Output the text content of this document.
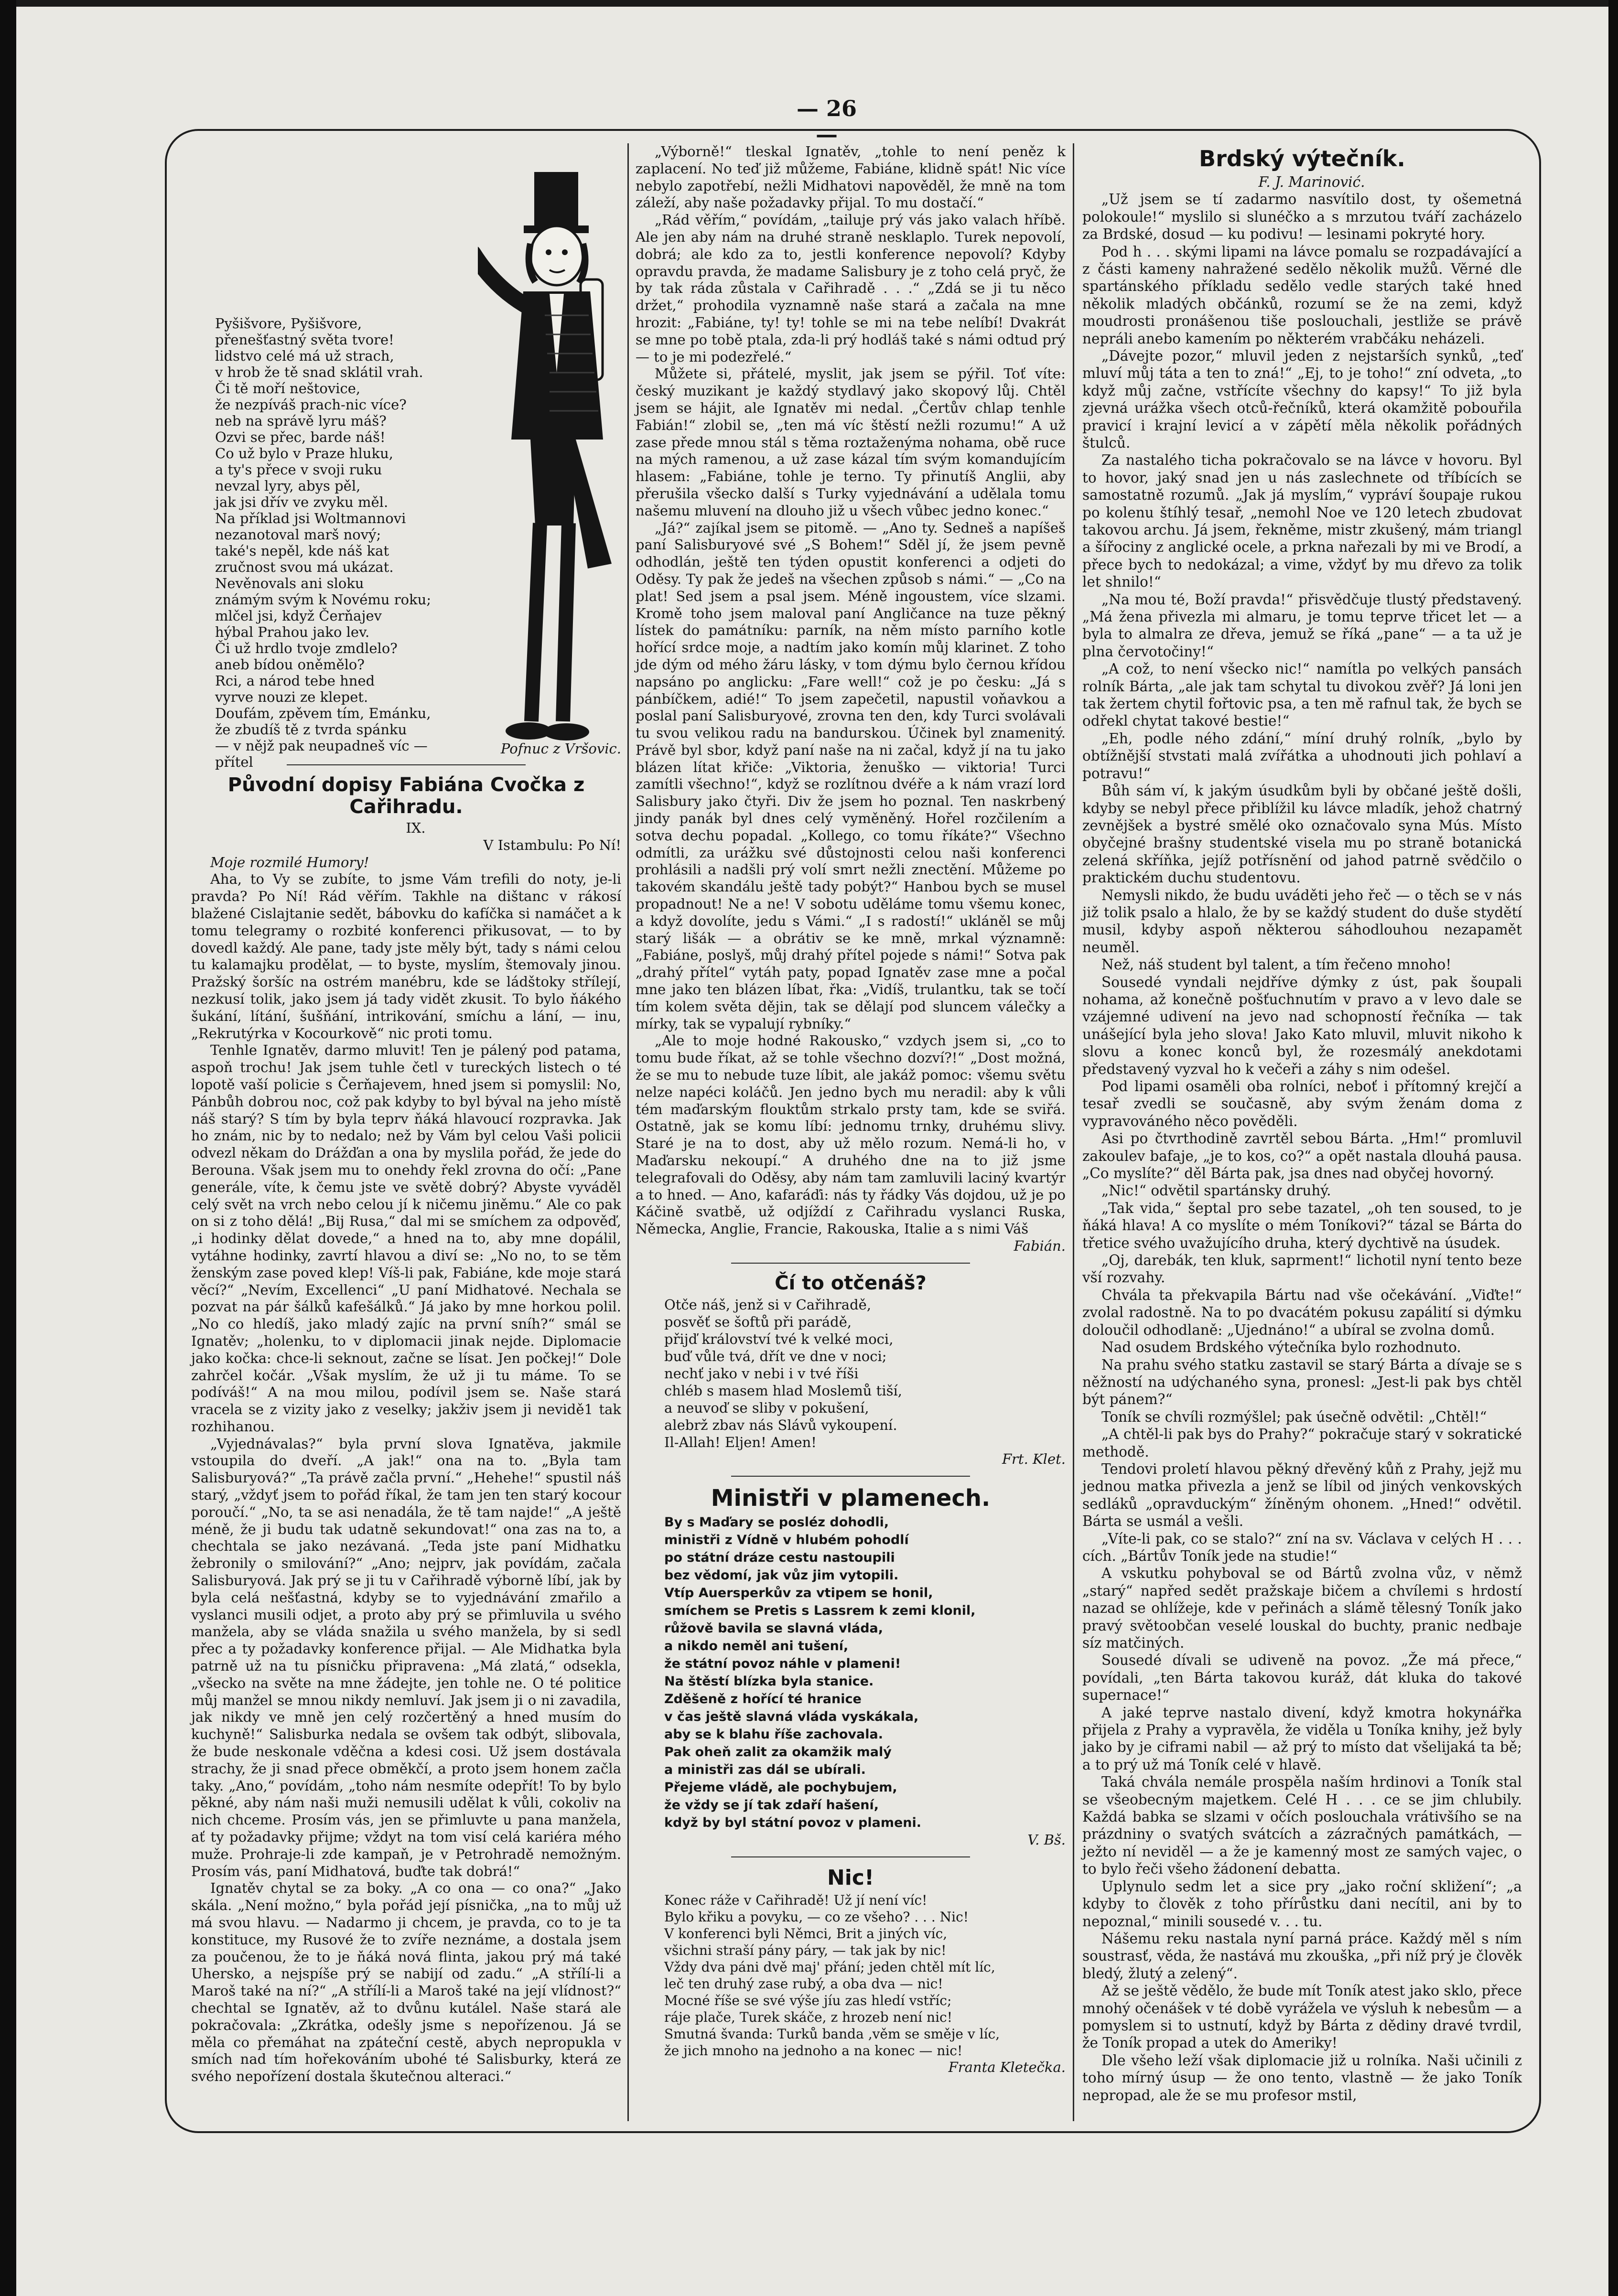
— 26 —
Pyšišvore, Pyšišvore,
přenešťastný světa tvore!
lidstvo celé má už strach,
v hrob že tě snad sklátil vrah.
Či tě moří neštovice,
že nezpíváš prach-nic více?
neb na správě lyru máš?
Ozvi se přec, barde náš!
Co už bylo v Praze hluku,
a ty's přece v svoji ruku
nevzal lyry, abys pěl,
jak jsi dřív ve zvyku měl.
Na příklad jsi Woltmannovi
nezanotoval marš nový;
také's nepěl, kde náš kat
zručnost svou má ukázat.
Nevěnovals ani sloku
známým svým k Novému roku;
mlčel jsi, když Čerňajev
hýbal Prahou jako lev.
Či už hrdlo tvoje zmdlelo?
aneb bídou oněmělo?
Rci, a národ tebe hned
vyrve nouzi ze klepet.
Doufám, zpěvem tím, Emánku,
že zbudíš tě z tvrda spánku
— v nějž pak neupadneš víc —
přítel
Pofnuc z Vršovic.
Původní dopisy Fabiána Cvočka z Cařihradu.

IX.

V Istambulu: Po Ní!

Moje rozmilé Humory!

Aha, to Vy se zubíte, to jsme Vám trefili do noty, je-li pravda? Po Ní! Rád věřím. Takhle na dištanc v rákosí blažené Cislajtanie sedět, bábovku do kafíčka si namáčet a k tomu telegramy o rozbité konferenci přikusovat, — to by dovedl každý. Ale pane, tady jste měly být, tady s námi celou tu kalamajku prodělat, — to byste, myslím, štemovaly jinou. Pražský šoršíc na ostrém manébru, kde se ládštoky střílejí, nezkusí tolik, jako jsem já tady vidět zkusit. To bylo ňákého šukání, lítání, šušňání, intrikování, smíchu a lání, — inu, „Rekrutýrka v Kocourkově“ nic proti tomu.

Tenhle Ignatěv, darmo mluvit! Ten je pálený pod patama, aspoň trochu! Jak jsem tuhle četl v tureckých listech o té lopotě vaší policie s Čerňajevem, hned jsem si pomyslil: No, Pánbůh dobrou noc, což pak kdyby to byl býval na jeho místě náš starý? S tím by byla teprv ňáká hlavoucí rozpravka. Jak ho znám, nic by to nedalo; než by Vám byl celou Vaši policii odvezl někam do Drážďan a ona by myslila pořád, že jede do Berouna. Však jsem mu to onehdy řekl zrovna do očí: „Pane generále, víte, k čemu jste ve světě dobrý? Abyste vyváděl celý svět na vrch nebo celou jí k ničemu jiněmu.“ Ale co pak on si z toho dělá! „Bij Rusa,“ dal mi se smíchem za odpověď, „i hodinky dělat dovede,“ a hned na to, aby mne dopálil, vytáhne hodinky, zavrtí hlavou a diví se: „No no, to se těm ženským zase poved klep! Víš-li pak, Fabiáne, kde moje stará věcí?“ „Nevím, Excellenci“ „U paní Midhatové. Nechala se pozvat na pár šálků kafešálků.“ Já jako by mne horkou polil. „No co hledíš, jako mladý zajíc na první sníh?“ smál se Ignatěv; „holenku, to v diplomacii jinak nejde. Diplomacie jako kočka: chce-li seknout, začne se lísat. Jen počkej!“ Dole zahrčel kočár. „Však myslím, že už ji tu máme. To se podíváš!“ A na mou milou, podívil jsem se. Naše stará vracela se z vizity jako z veselky; jakživ jsem ji nevidě1 tak rozhihanou.

„Vyjednávalas?“ byla první slova Ignatěva, jakmile vstoupila do dveří. „A jak!“ ona na to. „Byla tam Salisburyová?“ „Ta právě začla první.“ „Hehehe!“ spustil náš starý, „vždyť jsem to pořád říkal, že tam jen ten starý kocour poroučí.“ „No, ta se asi nenadála, že tě tam najde!“ „A ještě méně, že ji budu tak udatně sekundovat!“ ona zas na to, a chechtala se jako nezávaná. „Teda jste paní Midhatku žebronily o smilování?“ „Ano; nejprv, jak povídám, začala Salisburyová. Jak prý se ji tu v Cařihradě výborně líbí, jak by byla celá nešťastná, kdyby se to vyjednávání zmařilo a vyslanci musili odjet, a proto aby prý se přimluvila u svého manžela, aby se vláda snažila u svého manžela, by si sedl přec a ty požadavky konference přijal. — Ale Midhatka byla patrně už na tu písničku připravena: „Má zlatá,“ odsekla, „všecko na světe na mne žádejte, jen tohle ne. O té politice můj manžel se mnou nikdy nemluví. Jak jsem ji o ni zavadila, jak nikdy ve mně jen celý rozčertěný a hned musím do kuchyně!“ Salisburka nedala se ovšem tak odbýt, slibovala, že bude neskonale vděčna a kdesi cosi. Už jsem dostávala strachy, že ji snad přece obměkčí, a proto jsem honem začla taky. „Ano,“ povídám, „toho nám nesmíte odepřít! To by bylo pěkné, aby nám naši muži nemusili udělat k vůli, cokoliv na nich chceme. Prosím vás, jen se přimluvte u pana manžela, ať ty požadavky přijme; vždyt na tom visí celá kariéra mého muže. Prohraje-li zde kampaň, je v Petrohradě nemožným. Prosím vás, paní Midhatová, buďte tak dobrá!“

Ignatěv chytal se za boky. „A co ona — co ona?“ „Jako skála. „Není možno,“ byla pořád její písnička, „na to můj už má svou hlavu. — Nadarmo ji chcem, je pravda, co to je ta konstituce, my Rusové že to zvíře neznáme, a dostala jsem za poučenou, že to je ňáká nová flinta, jakou prý má také Uhersko, a nejspíše prý se nabijí od zadu.“ „A střílí-li a Maroš také na ní?“ „A střílí-li a Maroš také na její vlídnost?“ chechtal se Ignatěv, až to dvůnu kutálel. Naše stará ale pokračovala: „Zkrátka, odešly jsme s nepořízenou. Já se měla co přemáhat na zpáteční cestě, abych nepropukla v smích nad tím hořekováním ubohé té Salisburky, která ze svého nepořízení dostala škutečnou alteraci.“

„Výborně!“ tleskal Ignatěv, „tohle to není peněz k zaplacení. No teď již můžeme, Fabiáne, klidně spát! Nic více nebylo zapotřebí, nežli Midhatovi napověděl, že mně na tom záleží, aby naše požadavky přijal. To mu dostačí.“

„Rád věřím,“ povídám, „tailuje prý vás jako valach hříbě. Ale jen aby nám na druhé straně nesklaplo. Turek nepovolí, dobrá; ale kdo za to, jestli konference nepovolí? Kdyby opravdu pravda, že madame Salisbury je z toho celá pryč, že by tak ráda zůstala v Cařihradě . . .“ „Zdá se ji tu něco držet,“ prohodila vyznamně naše stará a začala na mne hrozit: „Fabiáne, ty! ty! tohle se mi na tebe nelíbí! Dvakrát se mne po tobě ptala, zda-li prý hodláš také s námi odtud prý — to je mi podezřelé.“

Můžete si, přátelé, myslit, jak jsem se pýřil. Toť víte: český muzikant je každý stydlavý jako skopový lůj. Chtěl jsem se hájit, ale Ignatěv mi nedal. „Čertův chlap tenhle Fabián!“ zlobil se, „ten má víc štěstí nežli rozumu!“ A už zase přede mnou stál s těma roztaženýma nohama, obě ruce na mých ramenou, a už zase kázal tím svým komandujícím hlasem: „Fabiáne, tohle je terno. Ty přinutíš Anglii, aby přerušila všecko další s Turky vyjednávání a udělala tomu našemu mluvení na dlouho již u všech vůbec jedno konec.“

„Já?“ zajíkal jsem se pitomě. — „Ano ty. Sedneš a napíšeš paní Salisburyové své „S Bohem!“ Sděl jí, že jsem pevně odhodlán, ještě ten týden opustit konferenci a odjeti do Oděsy. Ty pak že jedeš na všechen způsob s námi.“ — „Co na plat! Sed jsem a psal jsem. Méně ingoustem, více slzami. Kromě toho jsem maloval paní Angličance na tuze pěkný lístek do památníku: parník, na něm místo parního kotle hořící srdce moje, a nadtím jako komín můj klarinet. Z toho jde dým od mého žáru lásky, v tom dýmu bylo černou křídou napsáno po anglicku: „Fare well!“ což je po česku: „Já s pánbíčkem, adié!“ To jsem zapečetil, napustil voňavkou a poslal paní Salisburyové, zrovna ten den, kdy Turci svolávali tu svou velikou radu na bandurskou. Účinek byl znamenitý. Právě byl sbor, když paní naše na ni začal, když jí na tu jako blázen lítat křiče: „Viktoria, ženuško — viktoria! Turci zamítli všechno!“, když se rozlítnou dvéře a k nám vrazí lord Salisbury jako čtyři. Div že jsem ho poznal. Ten naskrbený jindy panák byl dnes celý vyměněný. Hořel rozčilením a sotva dechu popadal. „Kollego, co tomu říkáte?“ Všechno odmítli, za urážku své důstojnosti celou naši konferenci prohlásili a nadšli prý volí smrt nežli znectění. Můžeme po takovém skandálu ještě tady pobýt?“ Hanbou bych se musel propadnout! Ne a ne! V sobotu uděláme tomu všemu konec, a když dovolíte, jedu s Vámi.“ „I s radostí!“ ukláněl se můj starý lišák — a obrátiv se ke mně, mrkal významně: „Fabiáne, poslyš, můj drahý přítel pojede s námi!“ Sotva pak „drahý přítel“ vytáh paty, popad Ignatěv zase mne a počal mne jako ten blázen líbat, řka: „Vidíš, trulantku, tak se točí tím kolem světa dějin, tak se dělají pod sluncem válečky a mírky, tak se vypalují rybníky.“

„Ale to moje hodné Rakousko,“ vzdych jsem si, „co to tomu bude říkat, až se tohle všechno dozví?!“ „Dost možná, že se mu to nebude tuze líbit, ale jakáž pomoc: všemu světu nelze napéci koláčů. Jen jedno bych mu neradil: aby k vůli tém maďarským flouktům strkalo prsty tam, kde se sviřá. Ostatně, jak se komu líbí: jednomu trnky, druhému slivy. Staré je na to dost, aby už mělo rozum. Nemá-li ho, v Maďarsku nekoupí.“ A druhého dne na to již jsme telegrafovali do Oděsy, aby nám tam zamluvili laciný kvartýr a to hned. — Ano, kafaráďi: nás ty řádky Vás dojdou, už je po Káčině svatbě, už odjíždí z Cařihradu vyslanci Ruska, Německa, Anglie, Francie, Rakouska, Italie a s nimi Váš

Fabián.

Čí to otčenáš?
Otče náš, jenž si v Cařihradě,
posvěť se šoftů při parádě,
přijď království tvé k velké moci,
buď vůle tvá, dřít ve dne v noci;
nechť jako v nebi i v tvé říši
chléb s masem hlad Moslemů tiší,
a neuvoď se sliby v pokušení,
alebrž zbav nás Slávů vykoupení.
Il-Allah! Eljen! Amen!

Frt. Klet.

Ministři v plamenech.
By s Maďary se posléz dohodli,
ministři z Vídně v hlubém pohodlí
po státní dráze cestu nastoupili
bez vědomí, jak vůz jim vytopili.
Vtíp Auersperkův za vtipem se honil,
smíchem se Pretis s Lassrem k zemi klonil,
růžově bavila se slavná vláda,
a nikdo neměl ani tušení,
že státní povoz náhle v plameni!
Na štěstí blízka byla stanice.
Zděšeně z hořící té hranice
v čas ještě slavná vláda vyskákala,
aby se k blahu říše zachovala.
Pak oheň zalit za okamžik malý
a ministři zas dál se ubírali.
Přejeme vládě, ale pochybujem,
že vždy se jí tak zdaří hašení,
když by byl státní povoz v plameni.

V. Bš.

Nic!
Konec ráže v Cařihradě! Už jí není víc!
Bylo křiku a povyku, — co ze všeho? . . . Nic!
V konferenci byli Němci, Brit a jiných víc,
všichni straší pány páry, — tak jak by nic!
Vždy dva páni dvě maj' přání; jeden chtěl mít líc,
leč ten druhý zase rubý, a oba dva — nic!
Mocné říše se své výše jíu zas hledí vstříc;
ráje plače, Turek skáče, z hrozeb není nic!
Smutná švanda: Turků banda ‚věm se směje v líc,
že jich mnoho na jednoho a na konec — nic!

Franta Kletečka.

Brdský výtečník.

F. J. Marinović.

„Už jsem se tí zadarmo nasvítilo dost, ty ošemetná polokoule!“ myslilo si slunéčko a s mrzutou tváří zacházelo za Brdské, dosud — ku podivu! — lesinami pokryté hory.

Pod h . . . skými lipami na lávce pomalu se rozpadávající a z části kameny nahražené sedělo několik mužů. Věrné dle spartánského příkladu sedělo vedle starých také hned několik mladých občánků, rozumí se že na zemi, když moudrosti pronášenou tiše poslouchali, jestliže se právě nepráli anebo kamením po některém vrabčáku neházeli.

„Dávejte pozor,“ mluvil jeden z nejstarších synků, „teď mluví můj táta a ten to zná!“ „Ej, to je toho!“ zní odveta, „to když můj začne, vstřícíte všechny do kapsy!“ To již byla zjevná urážka všech otců-řečníků, která okamžitě pobouřila pravicí i krajní levicí a v zápětí měla několik pořádných štulců.

Za nastalého ticha pokračovalo se na lávce v hovoru. Byl to hovor, jaký snad jen u nás zaslechnete od tříbících se samostatně rozumů. „Jak já myslím,“ vypráví šoupaje rukou po kolenu štíhlý tesař, „nemohl Noe ve 120 letech zbudovat takovou archu. Já jsem, řekněme, mistr zkušený, mám triangl a šířociny z anglické ocele, a prkna nařezali by mi ve Brodí, a přece bych to nedokázal; a vime, vždyť by mu dřevo za tolik let shnilo!“

„Na mou té, Boží pravda!“ přisvědčuje tlustý představený. „Má žena přivezla mi almaru, je tomu teprve třicet let — a byla to almalra ze dřeva, jemuž se říká „pane“ — a ta už je plna červotočiny!“

„A což, to není všecko nic!“ namítla po velkých pansách rolník Bárta, „ale jak tam schytal tu divokou zvěř? Já loni jen tak žertem chytil fořtovic psa, a ten mě rafnul tak, že bych se odřekl chytat takové bestie!“

„Eh, podle ného zdání,“ míní druhý rolník, „bylo by obtížnější stvstati malá zvířátka a uhodnouti jich pohlaví a potravu!“

Bůh sám ví, k jakým úsudkům byli by občané ještě došli, kdyby se nebyl přece přiblížil ku lávce mladík, jehož chatrný zevnějšek a bystré smělé oko označovalo syna Mús. Místo obyčejné brašny studentské visela mu po straně botanická zelená skříňka, jejíž potřísnění od jahod patrně svědčilo o praktickém duchu studentovu.

Nemysli nikdo, že budu uváděti jeho řeč — o těch se v nás již tolik psalo a hlalo, že by se každý student do duše stydětí musil, kdyby aspoň některou sáhodlouhou nezapamět neuměl.

Než, náš student byl talent, a tím řečeno mnoho!

Sousedé vyndali nejdříve dýmky z úst, pak šoupali nohama, až konečně pošťuchnutím v pravo a v levo dale se vzájemné udivení na jevo nad schopností řečníka — tak unášející byla jeho slova! Jako Kato mluvil, mluvit nikoho k slovu a konec konců byl, že rozesmálý anekdotami představený vyzval ho k večeři a záhy s nim odešel.

Pod lipami osaměli oba rolníci, neboť i přítomný krejčí a tesař zvedli se současně, aby svým ženám doma z vypravováného něco pověděli.

Asi po čtvrthodině zavrtěl sebou Bárta. „Hm!“ promluvil zakoulev bafaje, „je to kos, co?“ a opět nastala dlouhá pausa. „Co myslíte?“ děl Bárta pak, jsa dnes nad obyčej hovorný.

„Nic!“ odvětil spartánsky druhý.

„Tak vida,“ šeptal pro sebe tazatel, „oh ten soused, to je ňáká hlava! A co myslíte o mém Toníkovi?“ tázal se Bárta do třetice svého uvažujícího druha, který dychtivě na úsudek.

„Oj, darebák, ten kluk, saprment!“ lichotil nyní tento beze vší rozvahy.

Chvála ta překvapila Bártu nad vše očekávání. „Viďte!“ zvolal radostně. Na to po dvacátém pokusu zapálití si dýmku doloučil odhodlaně: „Ujednáno!“ a ubíral se zvolna domů.

Nad osudem Brdského výtečníka bylo rozhodnuto.

Na prahu svého statku zastavil se starý Bárta a dívaje se s něžností na udýchaného syna, pronesl: „Jest-li pak bys chtěl být pánem?“

Toník se chvíli rozmýšlel; pak úsečně odvětil: „Chtěl!“

„A chtěl-li pak bys do Prahy?“ pokračuje starý v sokratické methodě.

Tendovi proletí hlavou pěkný dřevěný kůň z Prahy, jejž mu jednou matka přivezla a jenž se líbil od jiných venkovských sedláků „opravduckým“ žíněným ohonem. „Hned!“ odvětil. Bárta se usmál a vešli.

„Víte-li pak, co se stalo?“ zní na sv. Václava v celých H . . . cích. „Bártův Toník jede na studie!“

A vskutku pohyboval se od Bártů zvolna vůz, v němž „starý“ napřed sedět pražskaje bičem a chvílemi s hrdostí nazad se ohlížeje, kde v peřinách a slámě tělesný Toník jako pravý světoobčan veselé louskal do buchty, pranic nedbaje síz matčiných.

Sousedé dívali se udiveně na povoz. „Že má přece,“ povídali, „ten Bárta takovou kuráž, dát kluka do takové supernace!“

A jaké teprve nastalo divení, když kmotra hokynářka přijela z Prahy a vypravěla, že viděla u Toníka knihy, jež byly jako by je ciframi nabil — až prý to místo dat všelijaká ta bě; a to prý už má Toník celé v hlavě.

Taká chvála nemále prospěla naším hrdinovi a Toník stal se všeobecným majetkem. Celé H . . . ce se jim chlubily. Každá babka se slzami v očích poslouchala vrátivšího se na prázdniny o svatých svátcích a zázračných památkách, — ježto ní neviděl — a že je kamenný most ze samých vajec, o to bylo řeči všeho žádonení debatta.

Uplynulo sedm let a sice pry „jako roční skližení“; „a kdyby to člověk z toho přírůstku dani necítil, ani by to nepoznal,“ minili sousedé v. . . tu.

Nášemu reku nastala nyní parná práce. Každý měl s ním soustrasť, věda, že nastává mu zkouška, „při níž prý je člověk bledý, žlutý a zelený“.

Až se ještě vědělo, že bude mít Toník atest jako sklo, přece mnohý očenášek v té době vyrážela ve výsluh k nebesům — a pomyslem si to ustnutí, když by Bárta z dědiny dravé tvrdil, že Toník propad a utek do Ameriky!

Dle všeho leží však diplomacie již u rolníka. Naši učinili z toho mírný úsup — že ono tento, vlastně — že jako Toník nepropad, ale že se mu profesor mstil,
